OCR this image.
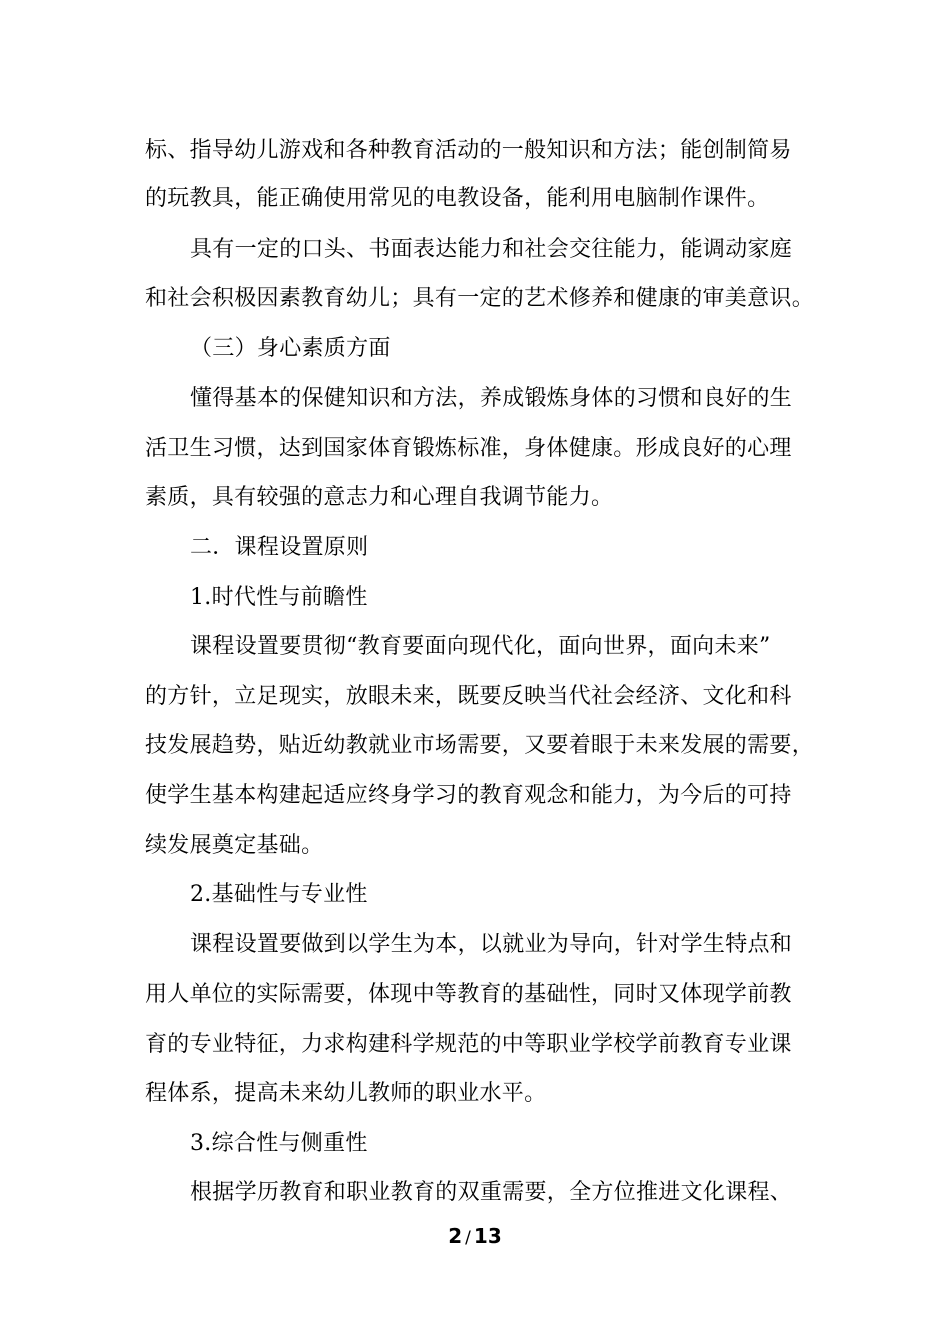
标、指导幼儿游戏和各种教育活动的一般知识和方法；能创制简易
的玩教具，能正确使用常见的电教设备，能利用电脑制作课件。
具有一定的口头、书面表达能力和社会交往能力，能调动家庭
和社会积极因素教育幼儿；具有一定的艺术修养和健康的审美意识。
（三）身心素质方面
懂得基本的保健知识和方法，养成锻炼身体的习惯和良好的生
活卫生习惯，达到国家体育锻炼标准，身体健康。形成良好的心理
素质，具有较强的意志力和心理自我调节能力。
二．课程设置原则
1.时代性与前瞻性
课程设置要贯彻“教育要面向现代化，面向世界，面向未来”
的方针，立足现实，放眼未来，既要反映当代社会经济、文化和科
技发展趋势，贴近幼教就业市场需要，又要着眼于未来发展的需要，
使学生基本构建起适应终身学习的教育观念和能力，为今后的可持
续发展奠定基础。
2.基础性与专业性
课程设置要做到以学生为本，以就业为导向，针对学生特点和
用人单位的实际需要，体现中等教育的基础性，同时又体现学前教
育的专业特征，力求构建科学规范的中等职业学校学前教育专业课
程体系，提高未来幼儿教师的职业水平。
3.综合性与侧重性
根据学历教育和职业教育的双重需要，全方位推进文化课程、
2 / 13
